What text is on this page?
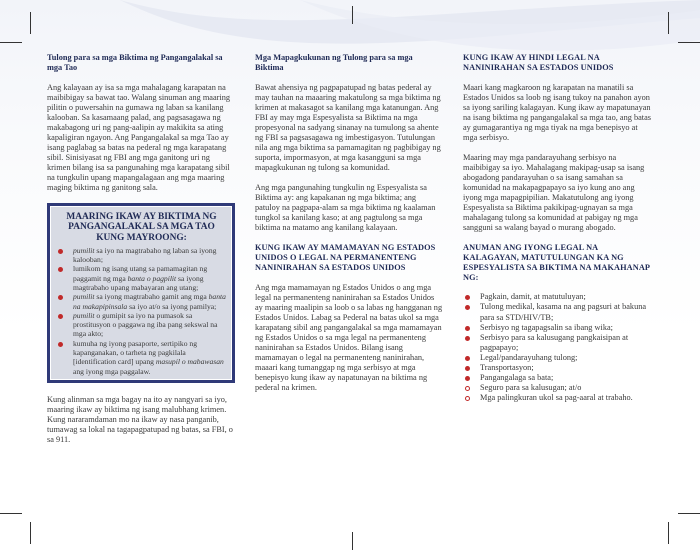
Tulong para sa mga Biktima ng Pangangalakal sa mga Tao

Ang kalayaan ay isa sa mga mahalagang karapatan na maibibigay sa bawat tao. Walang sinuman ang maaring pilitin o puwersahin na gumawa ng laban sa kanilang kalooban. Sa kasamaang palad, ang pagsasagawa ng makabagong uri ng pang-aalipin ay makikita sa ating kapaligiran ngayon. Ang Pangangalakal sa mga Tao ay isang paglabag sa batas na pederal ng mga karapatang sibil. Sinisiyasat ng FBI ang mga ganitong uri ng krimen bilang isa sa pangunahing mga karapatang sibil na tungkulin upang mapangalagaan ang mga maaring maging biktima ng ganitong sala.

MAARING IKAW AY BIKTIMA NG PANGANGALAKAL SA MGA TAO KUNG MAYROONG:
pumilit sa iyo na magtrabaho ng laban sa iyong kalooban;
lumikom ng isang utang sa pamamagitan ng paggamit ng mga banta o pagpilit sa iyong magtrabaho upang mabayaran ang utang;
pumilit sa iyong magtrabaho gamit ang mga banta na makapipinsala sa iyo at/o sa iyong pamilya;
pumilit o gumipit sa iyo na pumasok sa prostitusyon o paggawa ng iba pang sekswal na mga akto;
kumuha ng iyong pasaporte, sertipiko ng kapanganakan, o tarheta ng pagkilala [identification card] upang masupil o mabawasan ang iyong mga paggalaw.

Kung alinman sa mga bagay na ito ay nangyari sa iyo, maaring ikaw ay biktima ng isang malubhang krimen. Kung nararamdaman mo na ikaw ay nasa panganib, tumawag sa lokal na tagapagpatupad ng batas, sa FBI, o sa 911.

Mga Mapagkukunan ng Tulong para sa mga Biktima

Bawat ahensiya ng pagpapatupad ng batas pederal ay may tauhan na maaaring makatulong sa mga biktima ng krimen at makasagot sa kanilang mga katanungan. Ang FBI ay may mga Espesyalista sa Biktima na mga propesyonal na sadyang sinanay na tumulong sa ahente ng FBI sa pagsasagawa ng imbestigasyon. Tutulungan nila ang mga biktima sa pamamagitan ng pagbibigay ng suporta, impormasyon, at mga kasangguni sa mga mapagkukunan ng tulong sa komunidad.

Ang mga pangunahing tungkulin ng Espesyalista sa Biktima ay: ang kapakanan ng mga biktima; ang patuloy na pagpapa-alam sa mga biktima ng kaalaman tungkol sa kanilang kaso; at ang pagtulong sa mga biktima na matamo ang kanilang kalayaan.

KUNG IKAW AY MAMAMAYAN NG ESTADOS UNIDOS O LEGAL NA PERMANENTENG NANINIRAHAN SA ESTADOS UNIDOS

Ang mga mamamayan ng Estados Unidos o ang mga legal na permanenteng naninirahan sa Estados Unidos ay maaring maalipin sa loob o sa labas ng hangganan ng Estados Unidos. Labag sa Pederal na batas ukol sa mga karapatang sibil ang pangangalakal sa mga mamamayan ng Estados Unidos o sa mga legal na permanenteng naninirahan sa Estados Unidos. Bilang isang mamamayan o legal na permanenteng naninirahan, maaari kang tumanggap ng mga serbisyo at mga benepisyo kung ikaw ay napatunayan na biktima ng pederal na krimen.

KUNG IKAW AY HINDI LEGAL NA NANINIRAHAN SA ESTADOS UNIDOS

Maari kang magkaroon ng karapatan na manatili sa Estados Unidos sa loob ng isang tukoy na panahon ayon sa iyong sariling kalagayan. Kung ikaw ay mapatunayan na isang biktima ng pangangalakal sa mga tao, ang batas ay gumagarantiya ng mga tiyak na mga benepisyo at mga serbisyo.

Maaring may mga pandarayuhang serbisyo na maibibigay sa iyo. Mahalagang makipag-usap sa isang abogadong pandarayuhan o sa isang samahan sa komunidad na makapagpapayo sa iyo kung ano ang iyong mga mapagpipilian. Makatutulong ang iyong Espesyalista sa Biktima pakikipag-ugnayan sa mga mahalagang tulong sa komunidad at pabigay ng mga sangguni sa walang bayad o murang abogado.

ANUMAN ANG IYONG LEGAL NA KALAGAYAN, MATUTULUNGAN KA NG ESPESYALISTA SA BIKTIMA NA MAKAHANAP NG:
Pagkain, damit, at matutuluyan;
Tulong medikal, kasama na ang pagsuri at bakuna para sa STD/HIV/TB;
Serbisyo ng tagapagsalin sa ibang wika;
Serbisyo para sa kalusugang pangkaisipan at pagpapayo;
Legal/pandarayuhang tulong;
Transportasyon;
Pangangalaga sa bata;
Seguro para sa kalusugan; at/o
Mga palingkuran ukol sa pag-aaral at trabaho.
